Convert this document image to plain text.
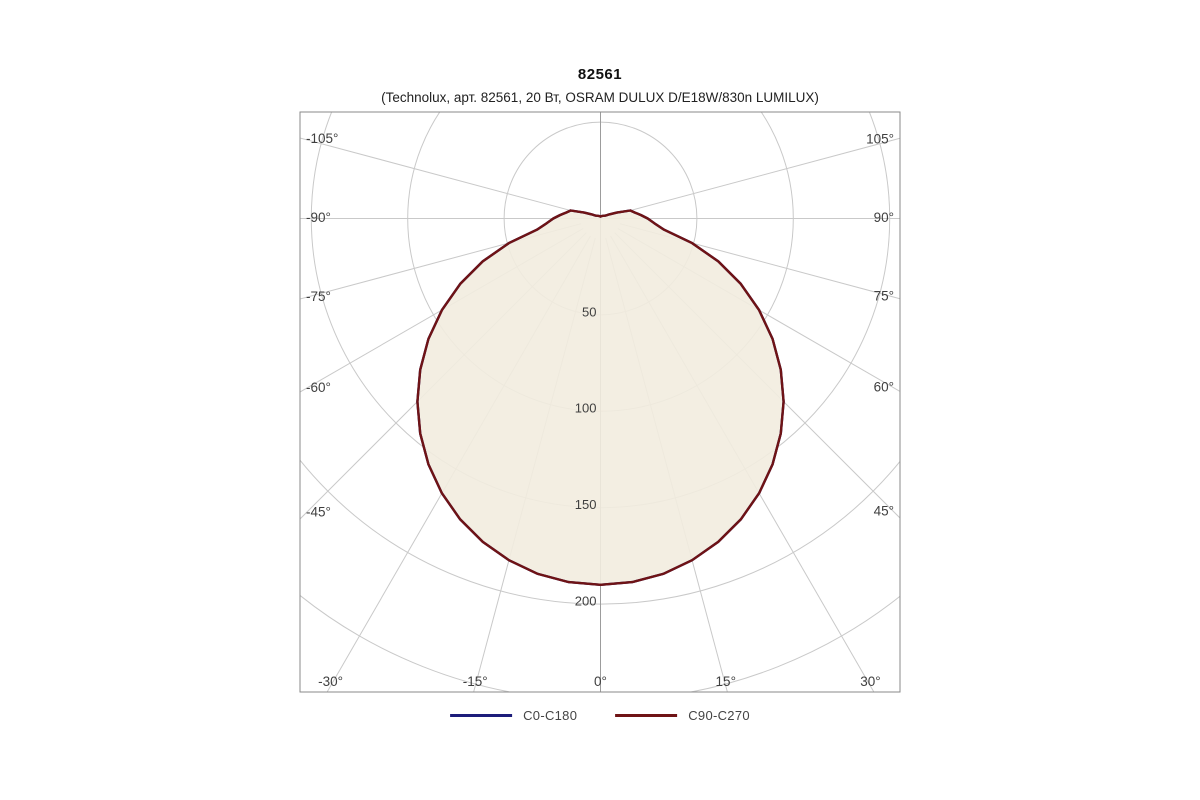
82561
(Technolux, арт. 82561, 20 Вт, OSRAM DULUX D/E18W/830n LUMILUX)
50
100
150
200
-105°
-90°
-75°
-60°
-45°
-30°	-15°	0°	15°	30°
45°
60°
75°
90°
105°
C0-C180	C90-C270
